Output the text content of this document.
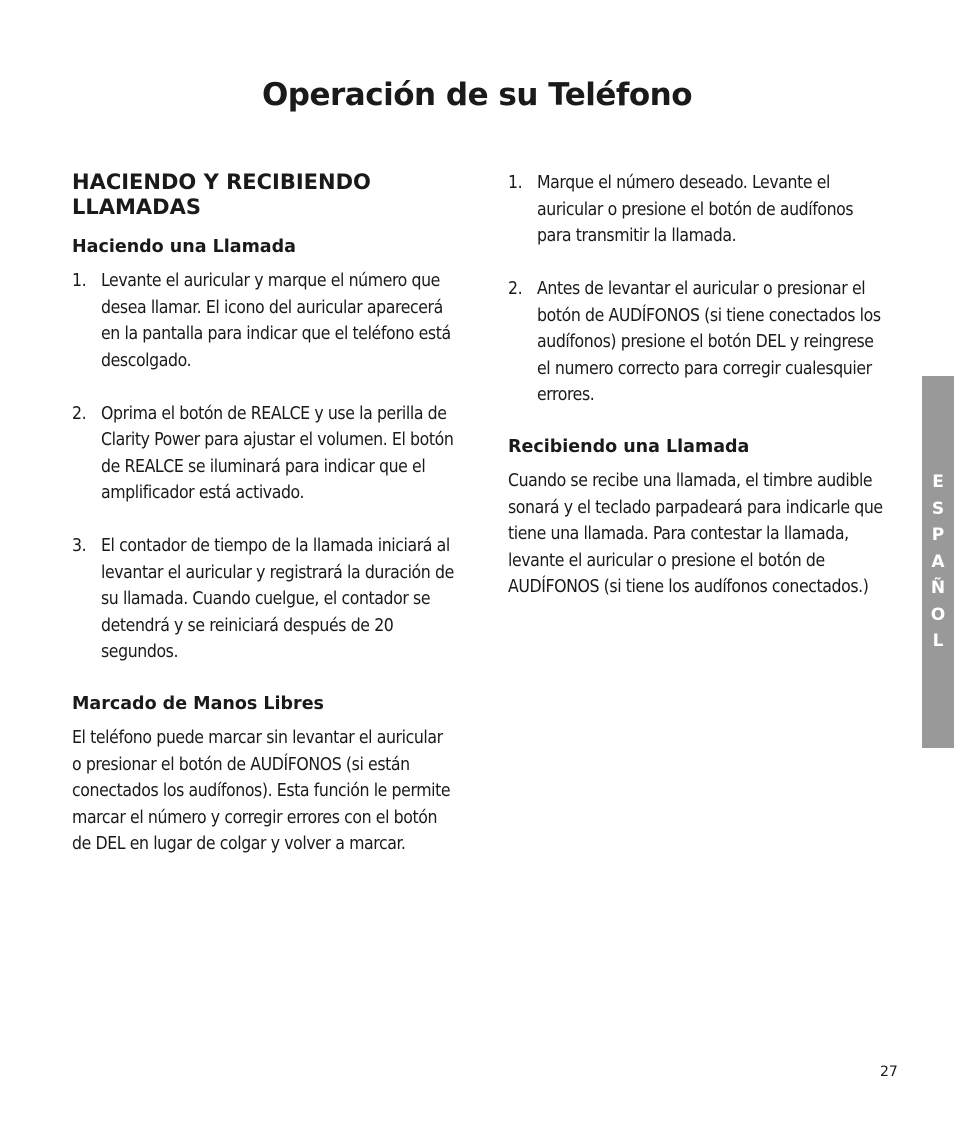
Operación de su Teléfono
HACIENDO Y RECIBIENDO
LLAMADAS
Haciendo una Llamada
1. Levante el auricular y marque el número que desea llamar. El icono del auricular aparecerá en la pantalla para indicar que el teléfono está descolgado.
2. Oprima el botón de REALCE y use la perilla de Clarity Power para ajustar el volumen. El botón de REALCE se iluminará para indicar que el amplificador está activado.
3. El contador de tiempo de la llamada iniciará al levantar el auricular y registrará la duración de su llamada. Cuando cuelgue, el contador se detendrá y se reiniciará después de 20 segundos.
Marcado de Manos Libres
El teléfono puede marcar sin levantar el auricular o presionar el botón de AUDÍFONOS (si están conectados los audífonos). Esta función le permite marcar el número y corregir errores con el botón de DEL en lugar de colgar y volver a marcar.
1. Marque el número deseado. Levante el auricular o presione el botón de audífonos para transmitir la llamada.
2. Antes de levantar el auricular o presionar el botón de AUDÍFONOS (si tiene conectados los audífonos) presione el botón DEL y reingrese el numero correcto para corregir cualesquier errores.
Recibiendo una Llamada
Cuando se recibe una llamada, el timbre audible sonará y el teclado parpadeará para indicarle que tiene una llamada. Para contestar la llamada, levante el auricular o presione el botón de AUDÍFONOS (si tiene los audífonos conectados.)
E
S
P
A
Ñ
O
L
27
